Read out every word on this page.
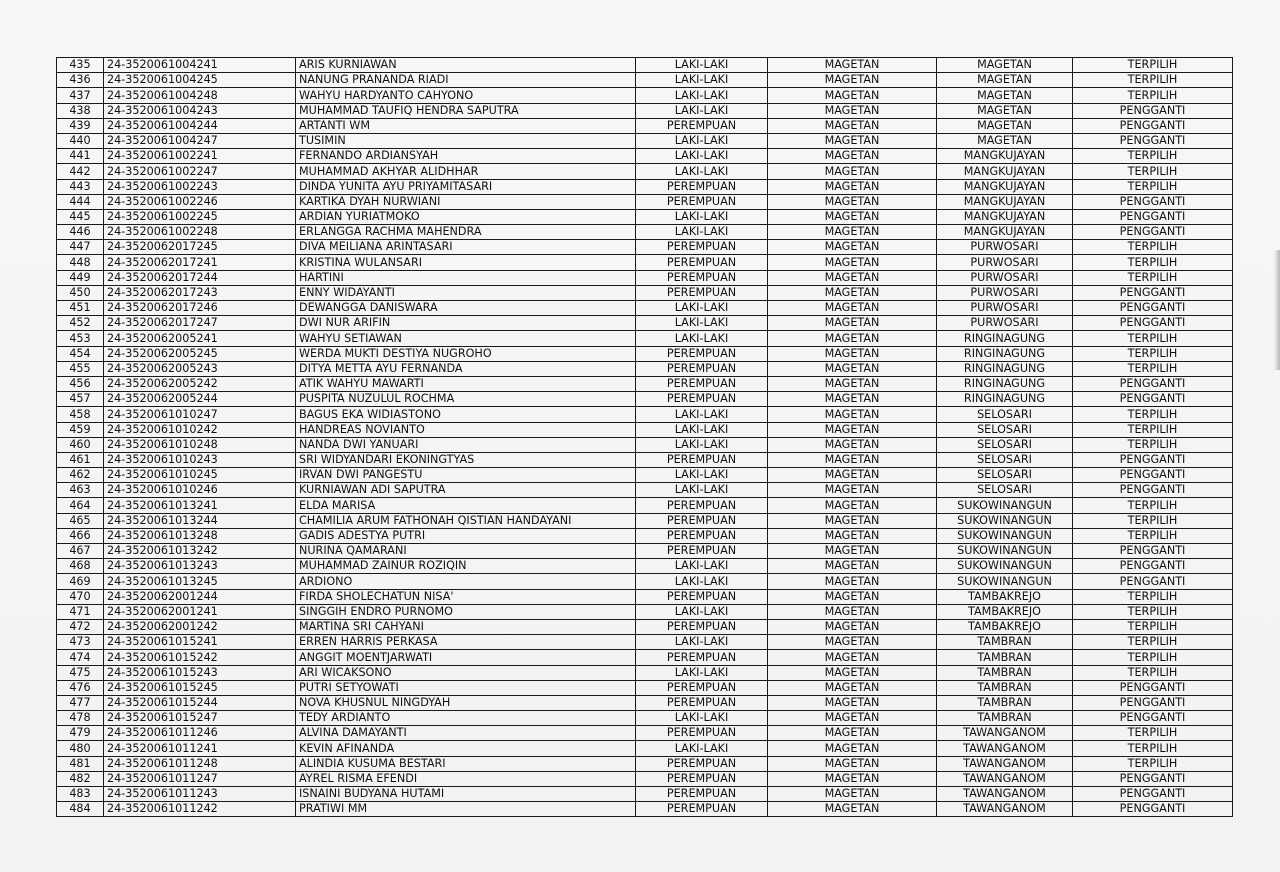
435	24-3520061004241	ARIS KURNIAWAN	LAKI-LAKI	MAGETAN	MAGETAN	TERPILIH
436	24-3520061004245	NANUNG PRANANDA RIADI	LAKI-LAKI	MAGETAN	MAGETAN	TERPILIH
437	24-3520061004248	WAHYU HARDYANTO CAHYONO	LAKI-LAKI	MAGETAN	MAGETAN	TERPILIH
438	24-3520061004243	MUHAMMAD TAUFIQ HENDRA SAPUTRA	LAKI-LAKI	MAGETAN	MAGETAN	PENGGANTI
439	24-3520061004244	ARTANTI WM	PEREMPUAN	MAGETAN	MAGETAN	PENGGANTI
440	24-3520061004247	TUSIMIN	LAKI-LAKI	MAGETAN	MAGETAN	PENGGANTI
441	24-3520061002241	FERNANDO ARDIANSYAH	LAKI-LAKI	MAGETAN	MANGKUJAYAN	TERPILIH
442	24-3520061002247	MUHAMMAD AKHYAR ALIDHHAR	LAKI-LAKI	MAGETAN	MANGKUJAYAN	TERPILIH
443	24-3520061002243	DINDA YUNITA AYU PRIYAMITASARI	PEREMPUAN	MAGETAN	MANGKUJAYAN	TERPILIH
444	24-3520061002246	KARTIKA DYAH NURWIANI	PEREMPUAN	MAGETAN	MANGKUJAYAN	PENGGANTI
445	24-3520061002245	ARDIAN YURIATMOKO	LAKI-LAKI	MAGETAN	MANGKUJAYAN	PENGGANTI
446	24-3520061002248	ERLANGGA RACHMA MAHENDRA	LAKI-LAKI	MAGETAN	MANGKUJAYAN	PENGGANTI
447	24-3520062017245	DIVA MEILIANA ARINTASARI	PEREMPUAN	MAGETAN	PURWOSARI	TERPILIH
448	24-3520062017241	KRISTINA WULANSARI	PEREMPUAN	MAGETAN	PURWOSARI	TERPILIH
449	24-3520062017244	HARTINI	PEREMPUAN	MAGETAN	PURWOSARI	TERPILIH
450	24-3520062017243	ENNY WIDAYANTI	PEREMPUAN	MAGETAN	PURWOSARI	PENGGANTI
451	24-3520062017246	DEWANGGA DANISWARA	LAKI-LAKI	MAGETAN	PURWOSARI	PENGGANTI
452	24-3520062017247	DWI NUR ARIFIN	LAKI-LAKI	MAGETAN	PURWOSARI	PENGGANTI
453	24-3520062005241	WAHYU SETIAWAN	LAKI-LAKI	MAGETAN	RINGINAGUNG	TERPILIH
454	24-3520062005245	WERDA MUKTI DESTIYA NUGROHO	PEREMPUAN	MAGETAN	RINGINAGUNG	TERPILIH
455	24-3520062005243	DITYA METTA AYU FERNANDA	PEREMPUAN	MAGETAN	RINGINAGUNG	TERPILIH
456	24-3520062005242	ATIK WAHYU MAWARTI	PEREMPUAN	MAGETAN	RINGINAGUNG	PENGGANTI
457	24-3520062005244	PUSPITA NUZULUL ROCHMA	PEREMPUAN	MAGETAN	RINGINAGUNG	PENGGANTI
458	24-3520061010247	BAGUS EKA WIDIASTONO	LAKI-LAKI	MAGETAN	SELOSARI	TERPILIH
459	24-3520061010242	HANDREAS NOVIANTO	LAKI-LAKI	MAGETAN	SELOSARI	TERPILIH
460	24-3520061010248	NANDA DWI YANUARI	LAKI-LAKI	MAGETAN	SELOSARI	TERPILIH
461	24-3520061010243	SRI WIDYANDARI EKONINGTYAS	PEREMPUAN	MAGETAN	SELOSARI	PENGGANTI
462	24-3520061010245	IRVAN DWI PANGESTU	LAKI-LAKI	MAGETAN	SELOSARI	PENGGANTI
463	24-3520061010246	KURNIAWAN ADI SAPUTRA	LAKI-LAKI	MAGETAN	SELOSARI	PENGGANTI
464	24-3520061013241	ELDA MARISA	PEREMPUAN	MAGETAN	SUKOWINANGUN	TERPILIH
465	24-3520061013244	CHAMILIA ARUM FATHONAH QISTIAN HANDAYANI	PEREMPUAN	MAGETAN	SUKOWINANGUN	TERPILIH
466	24-3520061013248	GADIS ADESTYA PUTRI	PEREMPUAN	MAGETAN	SUKOWINANGUN	TERPILIH
467	24-3520061013242	NURINA QAMARANI	PEREMPUAN	MAGETAN	SUKOWINANGUN	PENGGANTI
468	24-3520061013243	MUHAMMAD ZAINUR ROZIQIN	LAKI-LAKI	MAGETAN	SUKOWINANGUN	PENGGANTI
469	24-3520061013245	ARDIONO	LAKI-LAKI	MAGETAN	SUKOWINANGUN	PENGGANTI
470	24-3520062001244	FIRDA SHOLECHATUN NISA'	PEREMPUAN	MAGETAN	TAMBAKREJO	TERPILIH
471	24-3520062001241	SINGGIH ENDRO PURNOMO	LAKI-LAKI	MAGETAN	TAMBAKREJO	TERPILIH
472	24-3520062001242	MARTINA SRI CAHYANI	PEREMPUAN	MAGETAN	TAMBAKREJO	TERPILIH
473	24-3520061015241	ERREN HARRIS PERKASA	LAKI-LAKI	MAGETAN	TAMBRAN	TERPILIH
474	24-3520061015242	ANGGIT MOENTJARWATI	PEREMPUAN	MAGETAN	TAMBRAN	TERPILIH
475	24-3520061015243	ARI WICAKSONO	LAKI-LAKI	MAGETAN	TAMBRAN	TERPILIH
476	24-3520061015245	PUTRI SETYOWATI	PEREMPUAN	MAGETAN	TAMBRAN	PENGGANTI
477	24-3520061015244	NOVA KHUSNUL NINGDYAH	PEREMPUAN	MAGETAN	TAMBRAN	PENGGANTI
478	24-3520061015247	TEDY ARDIANTO	LAKI-LAKI	MAGETAN	TAMBRAN	PENGGANTI
479	24-3520061011246	ALVINA DAMAYANTI	PEREMPUAN	MAGETAN	TAWANGANOM	TERPILIH
480	24-3520061011241	KEVIN AFINANDA	LAKI-LAKI	MAGETAN	TAWANGANOM	TERPILIH
481	24-3520061011248	ALINDIA KUSUMA BESTARI	PEREMPUAN	MAGETAN	TAWANGANOM	TERPILIH
482	24-3520061011247	AYREL RISMA EFENDI	PEREMPUAN	MAGETAN	TAWANGANOM	PENGGANTI
483	24-3520061011243	ISNAINI BUDYANA HUTAMI	PEREMPUAN	MAGETAN	TAWANGANOM	PENGGANTI
484	24-3520061011242	PRATIWI MM	PEREMPUAN	MAGETAN	TAWANGANOM	PENGGANTI
